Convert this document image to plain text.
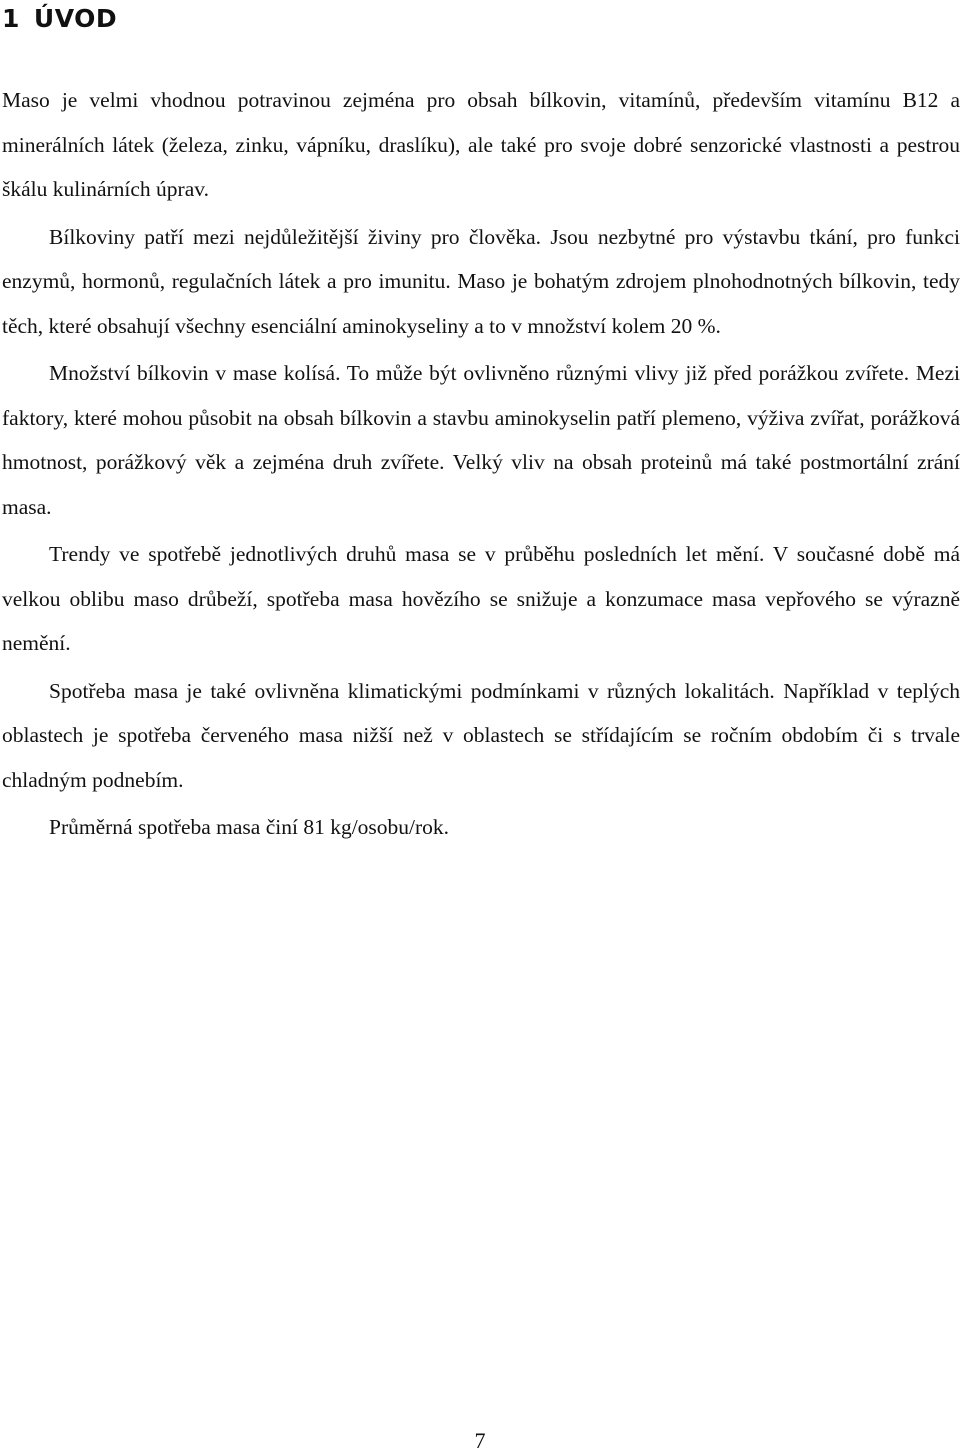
1 ÚVOD

Maso je velmi vhodnou potravinou zejména pro obsah bílkovin, vitamínů, především vitamínu B12 a minerálních látek (železa, zinku, vápníku, draslíku), ale také pro svoje dobré senzorické vlastnosti a pestrou škálu kulinárních úprav.

Bílkoviny patří mezi nejdůležitější živiny pro člověka. Jsou nezbytné pro výstavbu tkání, pro funkci enzymů, hormonů, regulačních látek a pro imunitu. Maso je bohatým zdrojem plnohodnotných bílkovin, tedy těch, které obsahují všechny esenciální aminokyseliny a to v množství kolem 20 %.

Množství bílkovin v mase kolísá. To může být ovlivněno různými vlivy již před porážkou zvířete. Mezi faktory, které mohou působit na obsah bílkovin a stavbu aminokyselin patří plemeno, výživa zvířat, porážková hmotnost, porážkový věk a zejména druh zvířete. Velký vliv na obsah proteinů má také postmortální zrání masa.

Trendy ve spotřebě jednotlivých druhů masa se v průběhu posledních let mění. V současné době má velkou oblibu maso drůbeží, spotřeba masa hovězího se snižuje a konzumace masa vepřového se výrazně nemění.

Spotřeba masa je také ovlivněna klimatickými podmínkami v různých lokalitách. Například v teplých oblastech je spotřeba červeného masa nižší než v oblastech se střídajícím se ročním obdobím či s trvale chladným podnebím.

Průměrná spotřeba masa činí 81 kg/osobu/rok.

7
